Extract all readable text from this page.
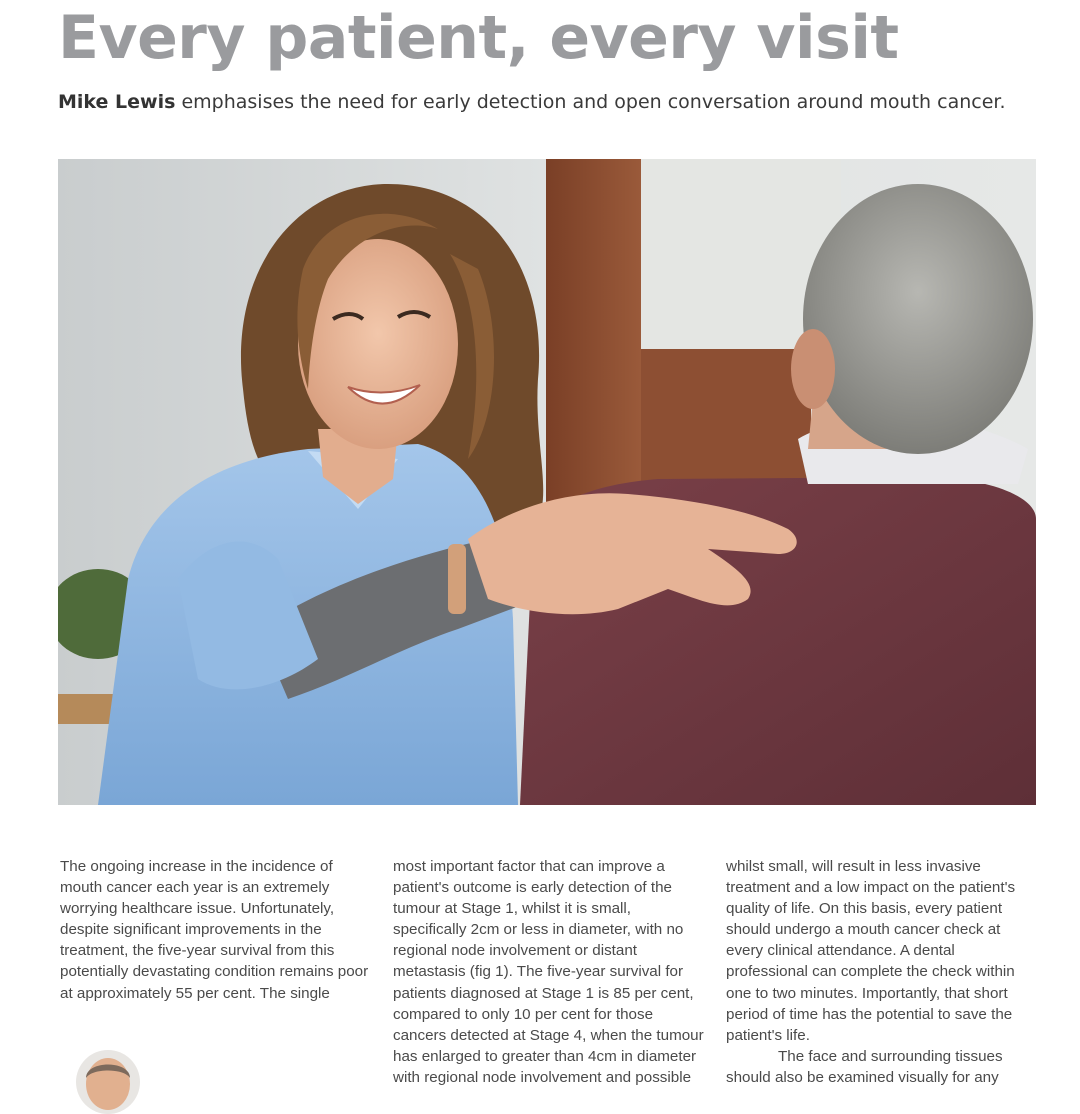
Every patient, every visit

Mike Lewis emphasises the need for early detection and open conversation around mouth cancer.

The ongoing increase in the incidence of mouth cancer each year is an extremely worrying healthcare issue. Unfortunately, despite significant improvements in the treatment, the five-year survival from this potentially devastating condition remains poor at approximately 55 per cent. The single

most important factor that can improve a patient's outcome is early detection of the tumour at Stage 1, whilst it is small, specifically 2cm or less in diameter, with no regional node involvement or distant metastasis (fig 1). The five-year survival for patients diagnosed at Stage 1 is 85 per cent, compared to only 10 per cent for those cancers detected at Stage 4, when the tumour has enlarged to greater than 4cm in diameter with regional node involvement and possible

whilst small, will result in less invasive treatment and a low impact on the patient's quality of life. On this basis, every patient should undergo a mouth cancer check at every clinical attendance. A dental professional can complete the check within one to two minutes. Importantly, that short period of time has the potential to save the patient's life.

The face and surrounding tissues should also be examined visually for any
